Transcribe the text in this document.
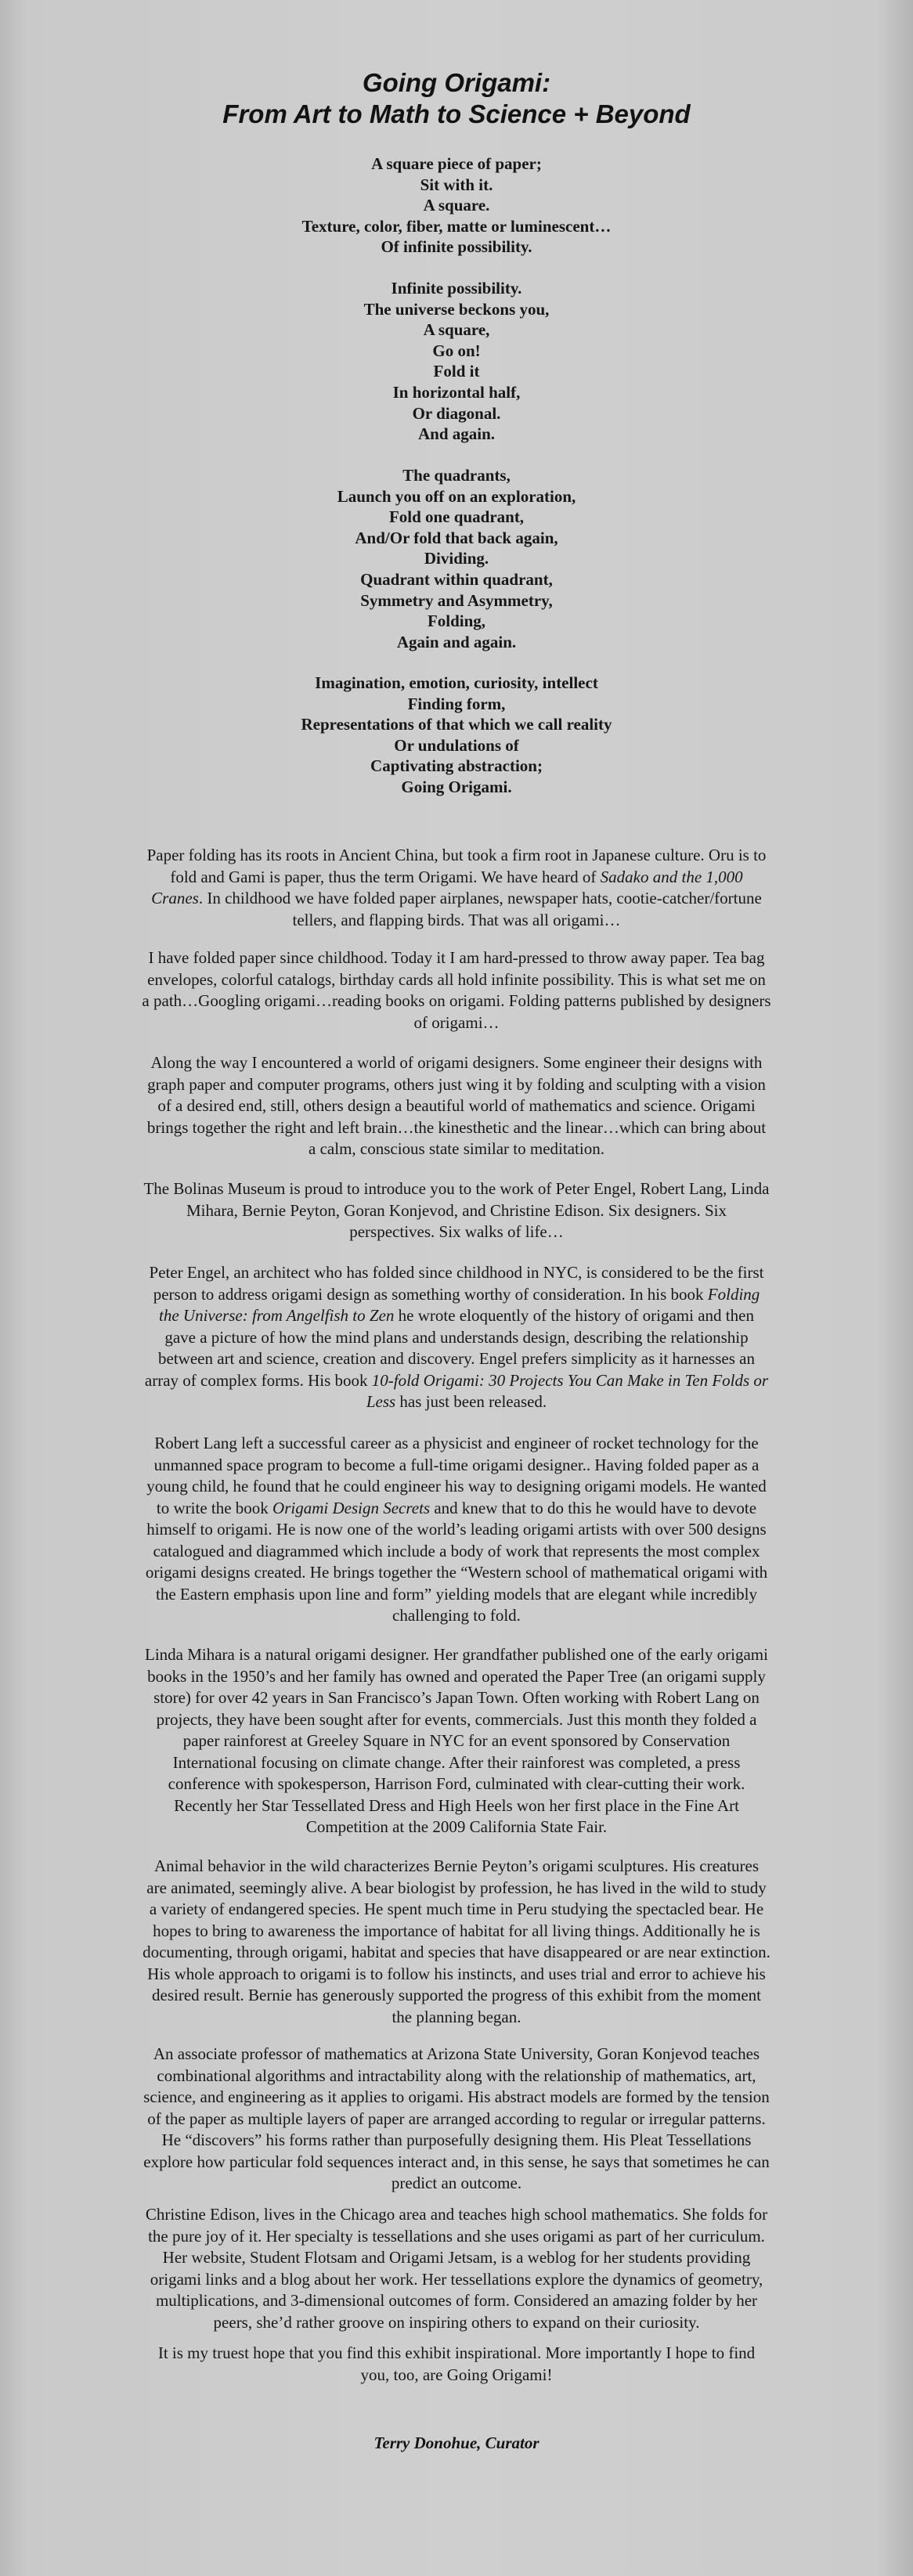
Going Origami:
From Art to Math to Science + Beyond
A square piece of paper;
Sit with it.
A square.
Texture, color, fiber, matte or luminescent…
Of infinite possibility.
Infinite possibility.
The universe beckons you,
A square,
Go on!
Fold it
In horizontal half,
Or diagonal.
And again.
The quadrants,
Launch you off on an exploration,
Fold one quadrant,
And/Or fold that back again,
Dividing.
Quadrant within quadrant,
Symmetry and Asymmetry,
Folding,
Again and again.
Imagination, emotion, curiosity, intellect
Finding form,
Representations of that which we call reality
Or undulations of
Captivating abstraction;
Going Origami.
Paper folding has its roots in Ancient China, but took a firm root in Japanese culture. Oru is to
fold and Gami is paper, thus the term Origami. We have heard of Sadako and the 1,000
Cranes. In childhood we have folded paper airplanes, newspaper hats, cootie-catcher/fortune
tellers, and flapping birds. That was all origami…
I have folded paper since childhood. Today it I am hard-pressed to throw away paper. Tea bag
envelopes, colorful catalogs, birthday cards all hold infinite possibility. This is what set me on
a path…Googling origami…reading books on origami. Folding patterns published by designers
of origami…
Along the way I encountered a world of origami designers. Some engineer their designs with
graph paper and computer programs, others just wing it by folding and sculpting with a vision
of a desired end, still, others design a beautiful world of mathematics and science. Origami
brings together the right and left brain…the kinesthetic and the linear…which can bring about
a calm, conscious state similar to meditation.
The Bolinas Museum is proud to introduce you to the work of Peter Engel, Robert Lang, Linda
Mihara, Bernie Peyton, Goran Konjevod, and Christine Edison. Six designers. Six
perspectives. Six walks of life…
Peter Engel, an architect who has folded since childhood in NYC, is considered to be the first
person to address origami design as something worthy of consideration. In his book Folding
the Universe: from Angelfish to Zen he wrote eloquently of the history of origami and then
gave a picture of how the mind plans and understands design, describing the relationship
between art and science, creation and discovery. Engel prefers simplicity as it harnesses an
array of complex forms. His book 10-fold Origami: 30 Projects You Can Make in Ten Folds or
Less has just been released.
Robert Lang left a successful career as a physicist and engineer of rocket technology for the
unmanned space program to become a full-time origami designer.. Having folded paper as a
young child, he found that he could engineer his way to designing origami models. He wanted
to write the book Origami Design Secrets and knew that to do this he would have to devote
himself to origami. He is now one of the world’s leading origami artists with over 500 designs
catalogued and diagrammed which include a body of work that represents the most complex
origami designs created. He brings together the “Western school of mathematical origami with
the Eastern emphasis upon line and form” yielding models that are elegant while incredibly
challenging to fold.
Linda Mihara is a natural origami designer. Her grandfather published one of the early origami
books in the 1950’s and her family has owned and operated the Paper Tree (an origami supply
store) for over 42 years in San Francisco’s Japan Town. Often working with Robert Lang on
projects, they have been sought after for events, commercials. Just this month they folded a
paper rainforest at Greeley Square in NYC for an event sponsored by Conservation
International focusing on climate change. After their rainforest was completed, a press
conference with spokesperson, Harrison Ford, culminated with clear-cutting their work.
Recently her Star Tessellated Dress and High Heels won her first place in the Fine Art
Competition at the 2009 California State Fair.
Animal behavior in the wild characterizes Bernie Peyton’s origami sculptures. His creatures
are animated, seemingly alive. A bear biologist by profession, he has lived in the wild to study
a variety of endangered species. He spent much time in Peru studying the spectacled bear. He
hopes to bring to awareness the importance of habitat for all living things. Additionally he is
documenting, through origami, habitat and species that have disappeared or are near extinction.
His whole approach to origami is to follow his instincts, and uses trial and error to achieve his
desired result. Bernie has generously supported the progress of this exhibit from the moment
the planning began.
An associate professor of mathematics at Arizona State University, Goran Konjevod teaches
combinational algorithms and intractability along with the relationship of mathematics, art,
science, and engineering as it applies to origami. His abstract models are formed by the tension
of the paper as multiple layers of paper are arranged according to regular or irregular patterns.
He “discovers” his forms rather than purposefully designing them. His Pleat Tessellations
explore how particular fold sequences interact and, in this sense, he says that sometimes he can
predict an outcome.
Christine Edison, lives in the Chicago area and teaches high school mathematics. She folds for
the pure joy of it. Her specialty is tessellations and she uses origami as part of her curriculum.
Her website, Student Flotsam and Origami Jetsam, is a weblog for her students providing
origami links and a blog about her work. Her tessellations explore the dynamics of geometry,
multiplications, and 3-dimensional outcomes of form. Considered an amazing folder by her
peers, she’d rather groove on inspiring others to expand on their curiosity.
It is my truest hope that you find this exhibit inspirational. More importantly I hope to find
you, too, are Going Origami!
Terry Donohue, Curator
